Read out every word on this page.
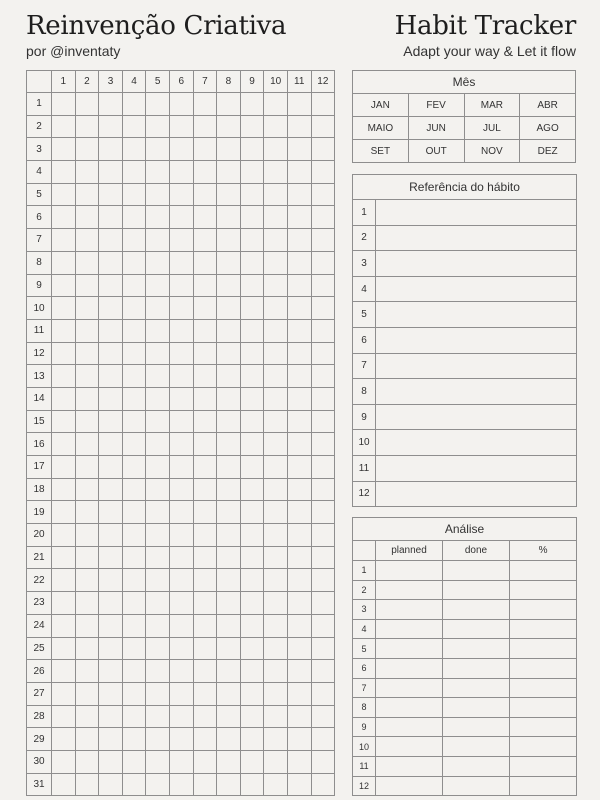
Reinvenção Criativa
por @inventaty
Habit Tracker
Adapt your way & Let it flow
	1	2	3	4	5	6	7	8	9	10	11	12
1												
2												
3												
4												
5												
6												
7												
8												
9												
10												
11												
12												
13												
14												
15												
16												
17												
18												
19												
20												
21												
22												
23												
24												
25												
26												
27												
28												
29												
30												
31												
Mês			
JAN	FEV	MAR	ABR
MAIO	JUN	JUL	AGO
SET	OUT	NOV	DEZ
Referência do hábito	
1	
2	
3	
4	
5	
6	
7	
8	
9	
10	
11	
12	
Análise			
	planned	done	%
1			
2			
3			
4			
5			
6			
7			
8			
9			
10			
11			
12			
